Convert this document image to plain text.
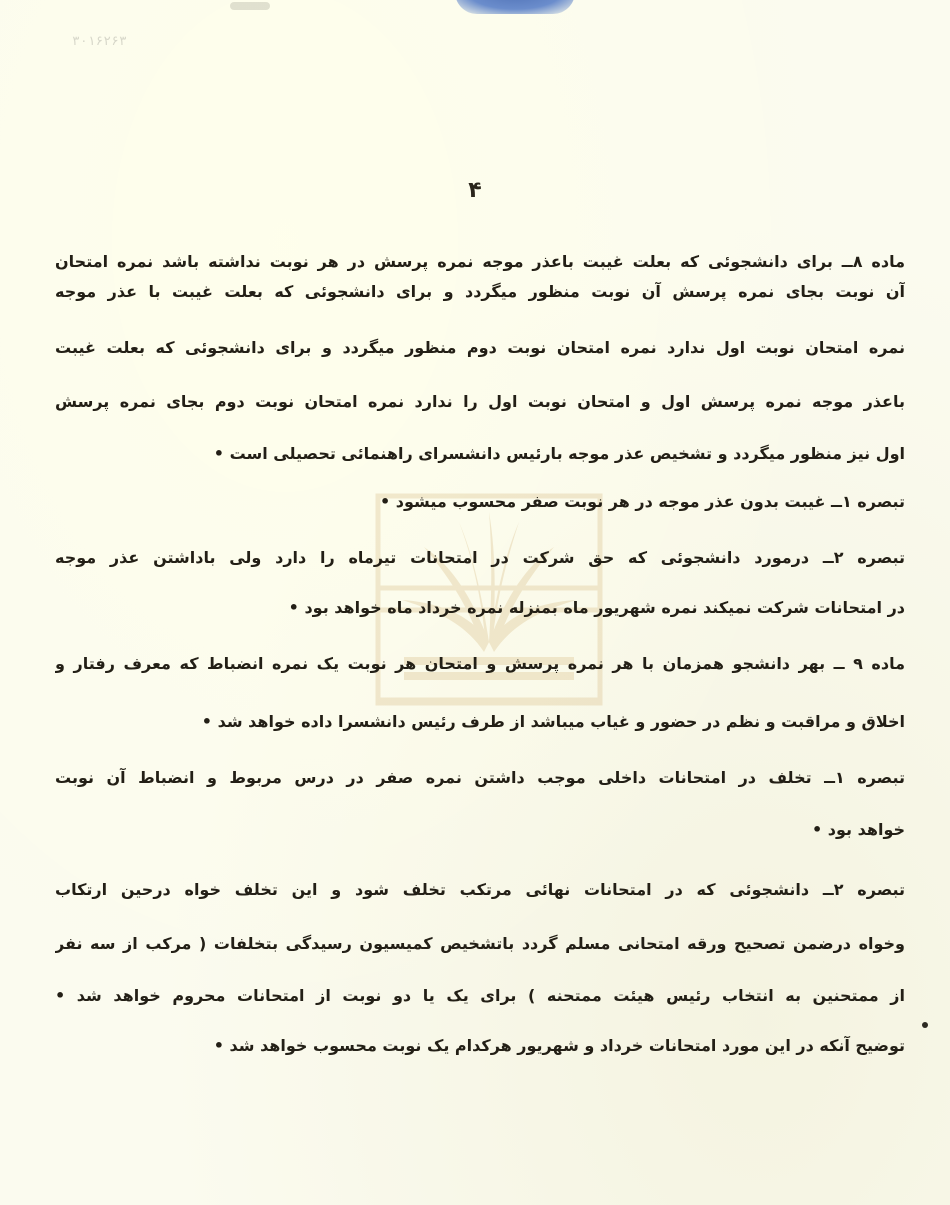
۳۰۱۶۲۶۳
۴
ماده ۸ــ برای دانشجوئی که بعلت غیبت باعذر موجه نمره پرسش در هر نوبت نداشته باشد نمره امتحان
آن نوبت بجای نمره پرسش آن نوبت منظور میگردد و برای دانشجوئی که بعلت غیبت با عذر موجه
نمره امتحان نوبت اول ندارد نمره امتحان نوبت دوم منظور میگردد و برای دانشجوئی که بعلت غیبت
باعذر موجه نمره پرسش اول و امتحان نوبت اول را ندارد نمره امتحان نوبت دوم بجای نمره پرسش
اول نیز منظور میگردد و تشخیص عذر موجه بارئیس دانشسرای راهنمائی تحصیلی است •
تبصره ۱ــ غیبت بدون عذر موجه در هر نوبت صفر محسوب میشود •
تبصره ۲ــ درمورد دانشجوئی که حق شرکت در امتحانات تیرماه را دارد ولی باداشتن عذر موجه
در امتحانات شرکت نمیکند نمره شهریور ماه بمنزله نمره خرداد ماه خواهد بود •
ماده ۹ ــ بهر دانشجو همزمان با هر نمره پرسش و امتحان هر نوبت یک نمره انضباط که معرف رفتار و
اخلاق و مراقبت و نظم در حضور و غیاب میباشد از طرف رئیس دانشسرا داده خواهد شد •
تبصره ۱ــ تخلف در امتحانات داخلی موجب داشتن نمره صفر در درس مربوط و انضباط آن نوبت
خواهد بود •
تبصره ۲ــ دانشجوئی که در امتحانات نهائی مرتکب تخلف شود و این تخلف خواه درحین ارتکاب
وخواه درضمن تصحیح ورقه امتحانی مسلم گردد باتشخیص کمیسیون رسیدگی بتخلفات ( مرکب از سه نفر
از ممتحنین به انتخاب رئیس هیئت ممتحنه ) برای یک یا دو نوبت از امتحانات محروم خواهد شد •
توضیح آنکه در این مورد امتحانات خرداد و شهریور هرکدام یک نوبت محسوب خواهد شد •
